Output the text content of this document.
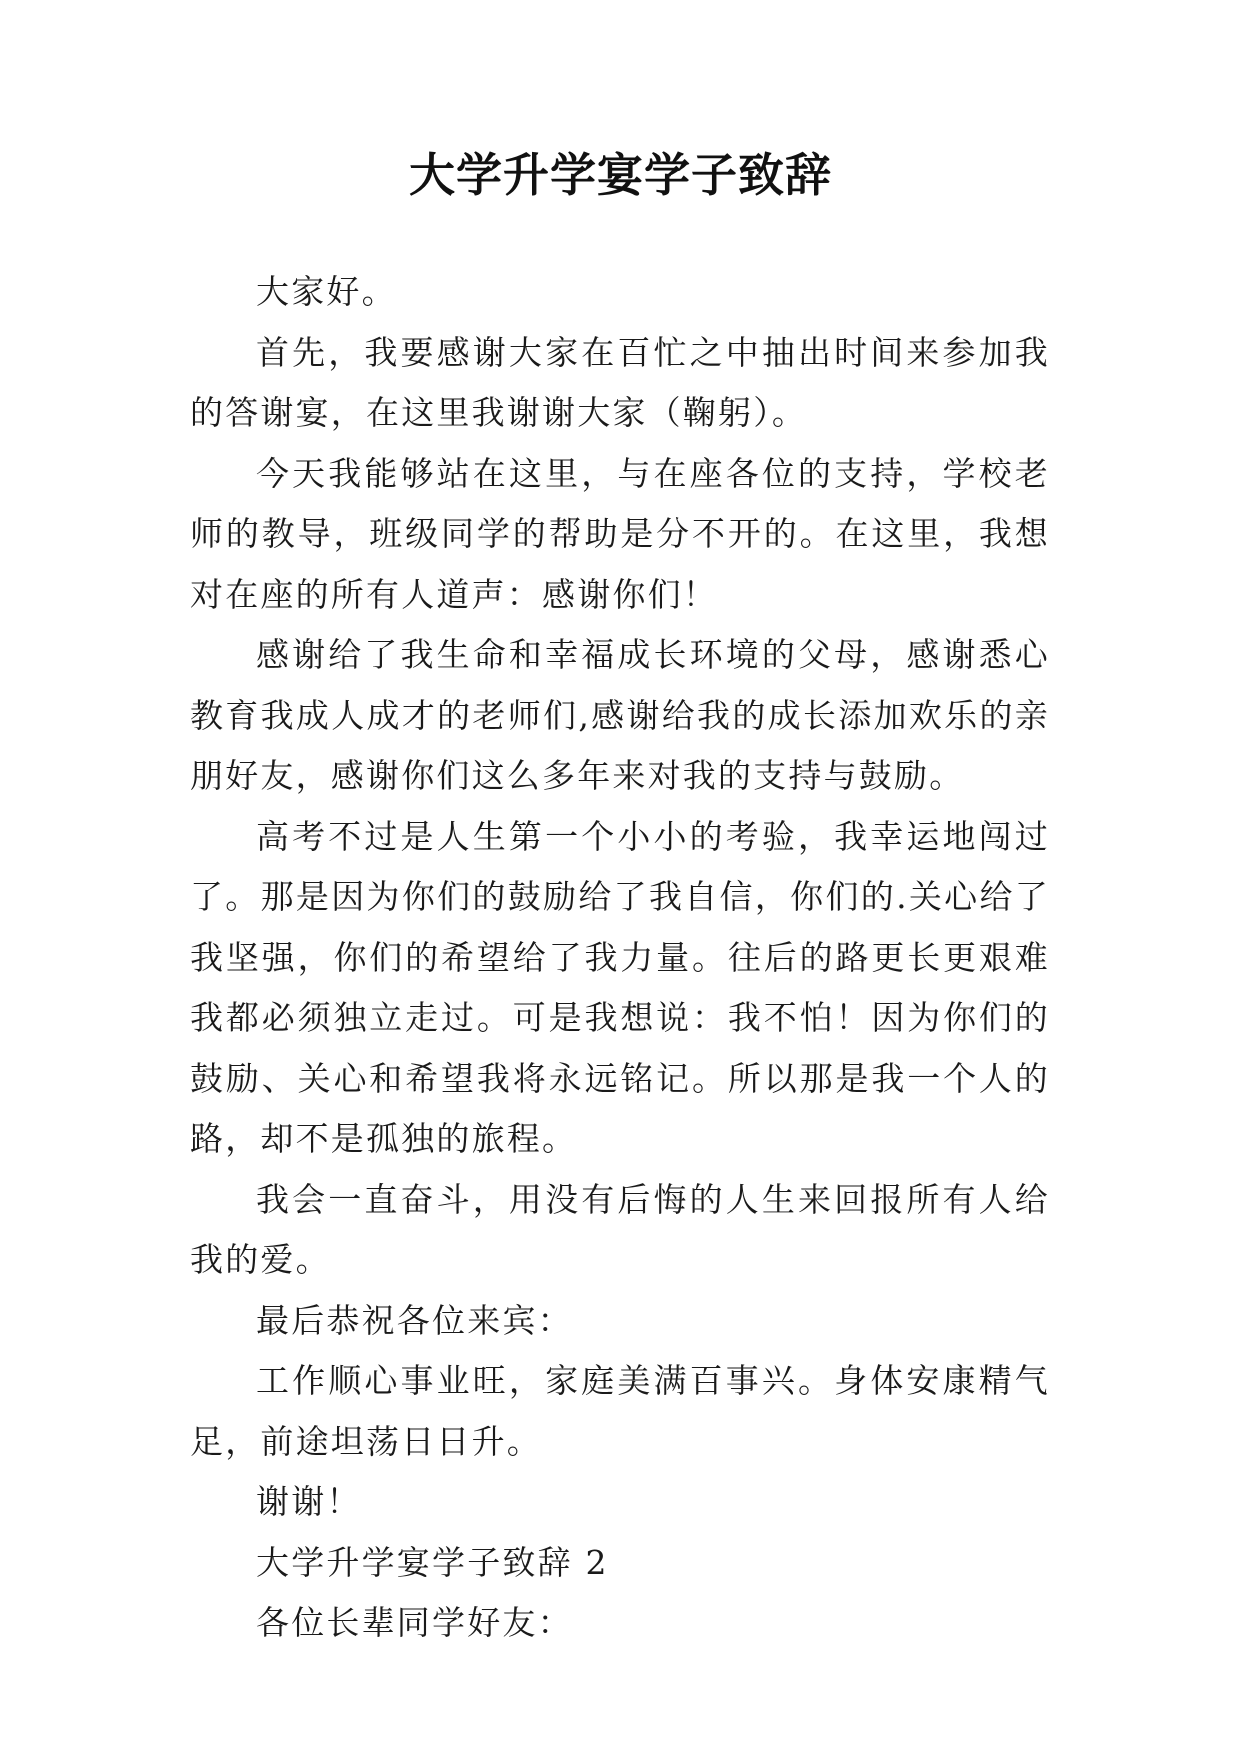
大学升学宴学子致辞

大家好。

首先，我要感谢大家在百忙之中抽出时间来参加我的答谢宴，在这里我谢谢大家（鞠躬）。

今天我能够站在这里，与在座各位的支持，学校老师的教导，班级同学的帮助是分不开的。在这里，我想对在座的所有人道声：感谢你们！

感谢给了我生命和幸福成长环境的父母，感谢悉心教育我成人成才的老师们,感谢给我的成长添加欢乐的亲朋好友，感谢你们这么多年来对我的支持与鼓励。

高考不过是人生第一个小小的考验，我幸运地闯过了。那是因为你们的鼓励给了我自信，你们的.关心给了我坚强，你们的希望给了我力量。往后的路更长更艰难我都必须独立走过。可是我想说：我不怕！因为你们的鼓励、关心和希望我将永远铭记。所以那是我一个人的路，却不是孤独的旅程。

我会一直奋斗，用没有后悔的人生来回报所有人给我的爱。

最后恭祝各位来宾：

工作顺心事业旺，家庭美满百事兴。身体安康精气足，前途坦荡日日升。

谢谢！

大学升学宴学子致辞 2

各位长辈同学好友：
